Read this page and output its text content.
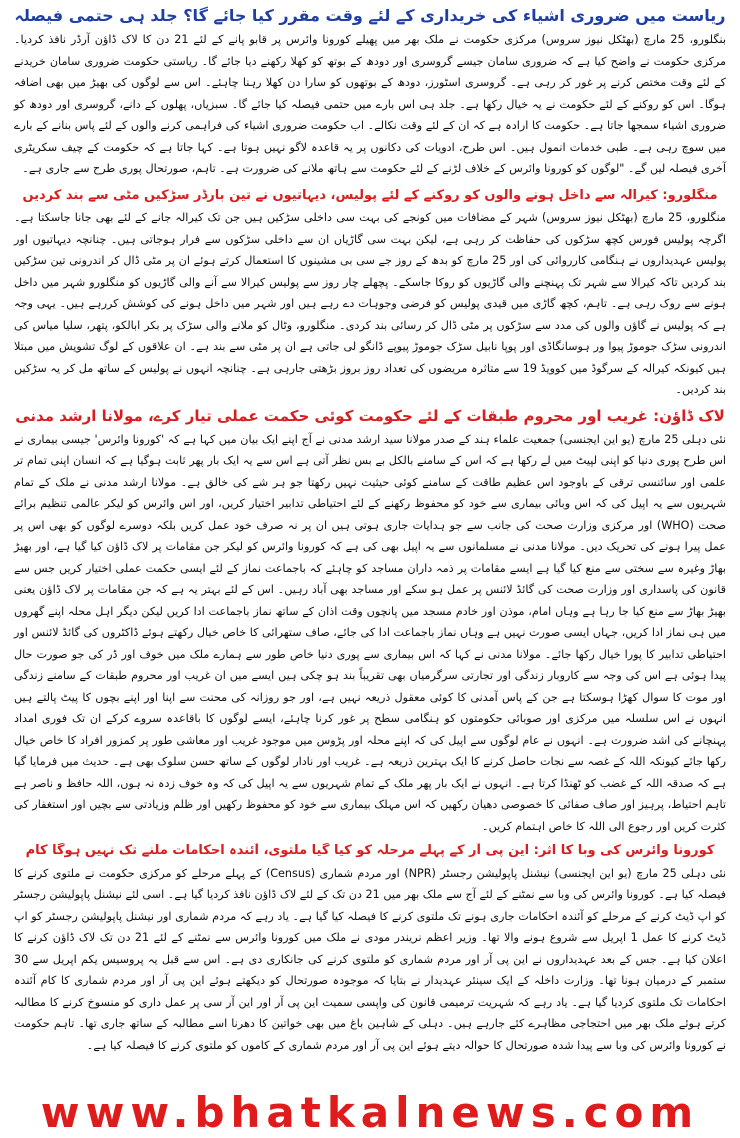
ریاست میں ضروری اشیاء کی خریداری کے لئے وقت مقرر کیا جائے گا؟ جلد ہی حتمی فیصلہ

بنگلورو، 25 مارچ (بھٹکل نیوز سروس) مرکزی حکومت نے ملک بھر میں پھیلے کورونا وائرس پر قابو پانے کے لئے 21 دن کا لاک ڈاؤن آرڈر نافذ کردیا۔ مرکزی حکومت نے واضح کیا ہے کہ ضروری سامان جیسے گروسری اور دودھ کے بوتھ کو کھلا رکھنے دیا جائے گا۔ ریاستی حکومت ضروری سامان خریدنے کے لئے وقت مختص کرنے پر غور کر رہی ہے۔ گروسری اسٹورز، دودھ کے بوتھوں کو سارا دن کھلا رہنا چاہئے۔ اس سے لوگوں کی بھیڑ میں بھی اضافہ ہوگا۔ اس کو روکنے کے لئے حکومت نے یہ خیال رکھا ہے۔ جلد ہی اس بارے میں حتمی فیصلہ کیا جائے گا۔ سبزیاں، پھلوں کے دانے، گروسری اور دودھ کو ضروری اشیاء سمجھا جاتا ہے۔ حکومت کا ارادہ ہے کہ ان کے لئے وقت نکالے۔ اب حکومت ضروری اشیاء کی فراہمی کرنے والوں کے لئے پاس بنانے کے بارے میں سوچ رہی ہے۔ طبی خدمات انمول ہیں۔ اس طرح، ادویات کی دکانوں پر یہ قاعدہ لاگو نہیں ہوتا ہے۔ کہا جاتا ہے کہ حکومت کے چیف سکریٹری آخری فیصلہ لیں گے۔ "لوگوں کو کورونا وائرس کے خلاف لڑنے کے لئے حکومت سے ہاتھ ملانے کی ضرورت ہے۔ تاہم، صورتحال پوری طرح سے جاری ہے۔

منگلورو: کیرالہ سے داخل ہونے والوں کو روکنے کے لئے پولیس، دیہاتیوں نے تین بارڈر سڑکیں مٹی سے بند کردیں

منگلورو، 25 مارچ (بھٹکل نیوز سروس) شہر کے مضافات میں کونجے کی بہت سی داخلی سڑکیں ہیں جن تک کیرالہ جانے کے لئے بھی جانا جاسکتا ہے۔ اگرچہ پولیس فورس کچھ سڑکوں کی حفاظت کر رہی ہے، لیکن بہت سی گاڑیاں ان سے داخلی سڑکوں سے فرار ہوجاتی ہیں۔ چنانچہ دیہاتیوں اور پولیس عہدیداروں نے ہنگامی کارروائی کی اور 25 مارچ کو بدھ کے روز جے سی بی مشینوں کا استعمال کرتے ہوئے ان پر مٹی ڈال کر اندرونی تین سڑکیں بند کردیں تاکہ کیرالا سے شہر تک پہنچنے والی گاڑیوں کو روکا جاسکے۔ پچھلے چار روز سے پولیس کیرالا سے آنے والی گاڑیوں کو منگلورو شہر میں داخل ہونے سے روک رہی ہے۔ تاہم، کچھ گاڑی میں قیدی پولیس کو فرضی وجوہات دے رہے ہیں اور شہر میں داخل ہونے کی کوشش کررہے ہیں۔ یہی وجہ ہے کہ پولیس نے گاؤں والوں کی مدد سے سڑکوں پر مٹی ڈال کر رسائی بند کردی۔ منگلورو، وٹال کو ملانے والی سڑک پر بکر ابالکو، پتھر، سلیا میاس کی اندرونی سڑک جوموڑ پیوا ور ہوسانگاڈی اور پوپا نابیل سڑک جوموڑ پیوپے ڈانگو لی جاتی ہے ان پر مٹی سے بند ہے۔ ان علاقوں کے لوگ تشویش میں مبتلا ہیں کیونکہ کیرالہ کے سرگوڈ میں کوویڈ 19 سے متاثرہ مریضوں کی تعداد روز بروز بڑھتی جارہی ہے۔ چنانچہ انہوں نے پولیس کے ساتھ مل کر یہ سڑکیں بند کردیں۔

لاک ڈاؤن: غریب اور محروم طبقات کے لئے حکومت کوئی حکمت عملی تیار کرے، مولانا ارشد مدنی

نئی دہلی 25 مارچ (یو این ایجنسی) جمعیت علماء ہند کے صدر مولانا سید ارشد مدنی نے آج اپنے ایک بیان میں کہا ہے کہ 'کورونا وائرس' جیسی بیماری نے اس طرح پوری دنیا کو اپنی لپیٹ میں لے رکھا ہے کہ اس کے سامنے بالکل بے بس نظر آتی ہے اس سے یہ ایک بار پھر ثابت ہوگیا ہے کہ انسان اپنی تمام تر علمی اور سائنسی ترقی کے باوجود اس عظیم طاقت کے سامنے کوئی حیثیت نہیں رکھتا جو ہر شے کی خالق ہے۔ مولانا ارشد مدنی نے ملک کے تمام شہریوں سے یہ اپیل کی کہ اس وبائی بیماری سے خود کو محفوظ رکھنے کے لئے احتیاطی تدابیر اختیار کریں، اور اس وائرس کو لیکر عالمی تنظیم برائے صحت (WHO) اور مرکزی وزارت صحت کی جانب سے جو ہدایات جاری ہوتی ہیں ان پر نہ صرف خود عمل کریں بلکہ دوسرے لوگوں کو بھی اس پر عمل پیرا ہونے کی تحریک دیں۔ مولانا مدنی نے مسلمانوں سے یہ اپیل بھی کی ہے کہ کورونا وائرس کو لیکر جن مقامات پر لاک ڈاؤن کیا گیا ہے، اور بھیڑ بھاڑ وغیرہ سے سختی سے منع کیا گیا ہے ایسے مقامات پر ذمہ داران مساجد کو چاہئے کہ باجماعت نماز کے لئے ایسی حکمت عملی اختیار کریں جس سے قانون کی پاسداری اور وزارت صحت کی گائڈ لائنس پر عمل ہو سکے اور مساجد بھی آباد رہیں۔ اس کے لئے بہتر یہ ہے کہ جن مقامات پر لاک ڈاؤن یعنی بھیڑ بھاڑ سے منع کیا جا رہا ہے وہاں امام، موذن اور خادم مسجد میں پانچوں وقت اذان کے ساتھ نماز باجماعت ادا کریں لیکن دیگر اہل محلہ اپنے گھروں میں ہی نماز ادا کریں، جہاں ایسی صورت نہیں ہے وہاں نماز باجماعت ادا کی جائے، صاف ستھرائی کا خاص خیال رکھتے ہوئے ڈاکٹروں کی گائڈ لائنس اور احتیاطی تدابیر کا پورا خیال رکھا جائے۔ مولانا مدنی نے کہا کہ اس بیماری سے پوری دنیا خاص طور سے ہمارے ملک میں خوف اور ڈر کی جو صورت حال پیدا ہوئی ہے اس کی وجہ سے کاروبار زندگی اور تجارتی سرگرمیاں بھی تقریباً بند ہو چکی ہیں ایسے میں ان غریب اور محروم طبقات کے سامنے زندگی اور موت کا سوال کھڑا ہوسکتا ہے جن کے پاس آمدنی کا کوئی معقول ذریعہ نہیں ہے، اور جو روزانہ کی محنت سے اپنا اور اپنے بچوں کا پیٹ پالتے ہیں انہوں نے اس سلسلہ میں مرکزی اور صوبائی حکومتوں کو ہنگامی سطح پر غور کرنا چاہئے، ایسے لوگوں کا باقاعدہ سروے کرکے ان تک فوری امداد پہنچانے کی اشد ضرورت ہے۔ انہوں نے عام لوگوں سے اپیل کی کہ اپنے محلہ اور پڑوس میں موجود غریب اور معاشی طور پر کمزور افراد کا خاص خیال رکھا جائے کیونکہ اللہ کے غصہ سے نجات حاصل کرنے کا ایک بہترین ذریعہ ہے۔ غریب اور نادار لوگوں کے ساتھ حسن سلوک بھی ہے۔ حدیث میں فرمایا گیا ہے کہ صدقہ اللہ کے غضب کو ٹھنڈا کرتا ہے۔ انہوں نے ایک بار پھر ملک کے تمام شہریوں سے یہ اپیل کی کہ وہ خوف زدہ نہ ہوں، اللہ حافظ و ناصر ہے تاہم احتیاط، پرہیز اور صاف صفائی کا خصوصی دھیان رکھیں کہ اس مہلک بیماری سے خود کو محفوظ رکھیں اور ظلم وزیادتی سے بچیں اور استغفار کی کثرت کریں اور رجوع الی اللہ کا خاص اہتمام کریں۔

کورونا وائرس کی وبا کا اثر: این پی آر کے پہلے مرحلہ کو کیا گیا ملتوی، آئندہ احکامات ملنے تک نہیں ہوگا کام

نئی دہلی 25 مارچ (یو این ایجنسی) نیشنل پاپولیشن رجسٹر (NPR) اور مردم شماری (Census) کے پہلے مرحلے کو مرکزی حکومت نے ملتوی کرنے کا فیصلہ کیا ہے۔ کورونا وائرس کی وبا سے نمٹنے کے لئے آج سے ملک بھر میں 21 دن تک کے لئے لاک ڈاؤن نافذ کردیا گیا ہے۔ اسی لئے نیشنل پاپولیشن رجسٹر کو اپ ڈیٹ کرنے کے مرحلے کو آئندہ احکامات جاری ہونے تک ملتوی کرنے کا فیصلہ کیا گیا ہے۔ یاد رہے کہ مردم شماری اور نیشنل پاپولیشن رجسٹر کو اپ ڈیٹ کرنے کا عمل 1 اپریل سے شروع ہونے والا تھا۔ وزیر اعظم نریندر مودی نے ملک میں کورونا وائرس سے نمٹنے کے لئے 21 دن تک لاک ڈاؤن کرنے کا اعلان کیا ہے۔ جس کے بعد عہدیداروں نے این پی آر اور مردم شماری کو ملتوی کرنے کی جانکاری دی ہے۔ اس سے قبل یہ پروسیس یکم اپریل سے 30 ستمبر کے درمیان ہونا تھا۔ وزارت داخلہ کے ایک سینئر عہدیدار نے بتایا کہ موجودہ صورتحال کو دیکھتے ہوئے این پی آر اور مردم شماری کا کام آئندہ احکامات تک ملتوی کردیا گیا ہے۔ یاد رہے کہ شہریت ترمیمی قانون کی واپسی سمیت این پی آر اور این آر سی پر عمل داری کو منسوخ کرنے کا مطالبہ کرتے ہوئے ملک بھر میں احتجاجی مظاہرے کئے جارہے ہیں۔ دہلی کے شاہین باغ میں بھی خواتین کا دھرنا اسے مطالبہ کے ساتھ جاری تھا۔ تاہم حکومت نے کورونا وائرس کی وبا سے پیدا شدہ صورتحال کا حوالہ دیتے ہوئے این پی آر اور مردم شماری کے کاموں کو ملتوی کرنے کا فیصلہ کیا ہے۔

www.bhatkalnews.com
